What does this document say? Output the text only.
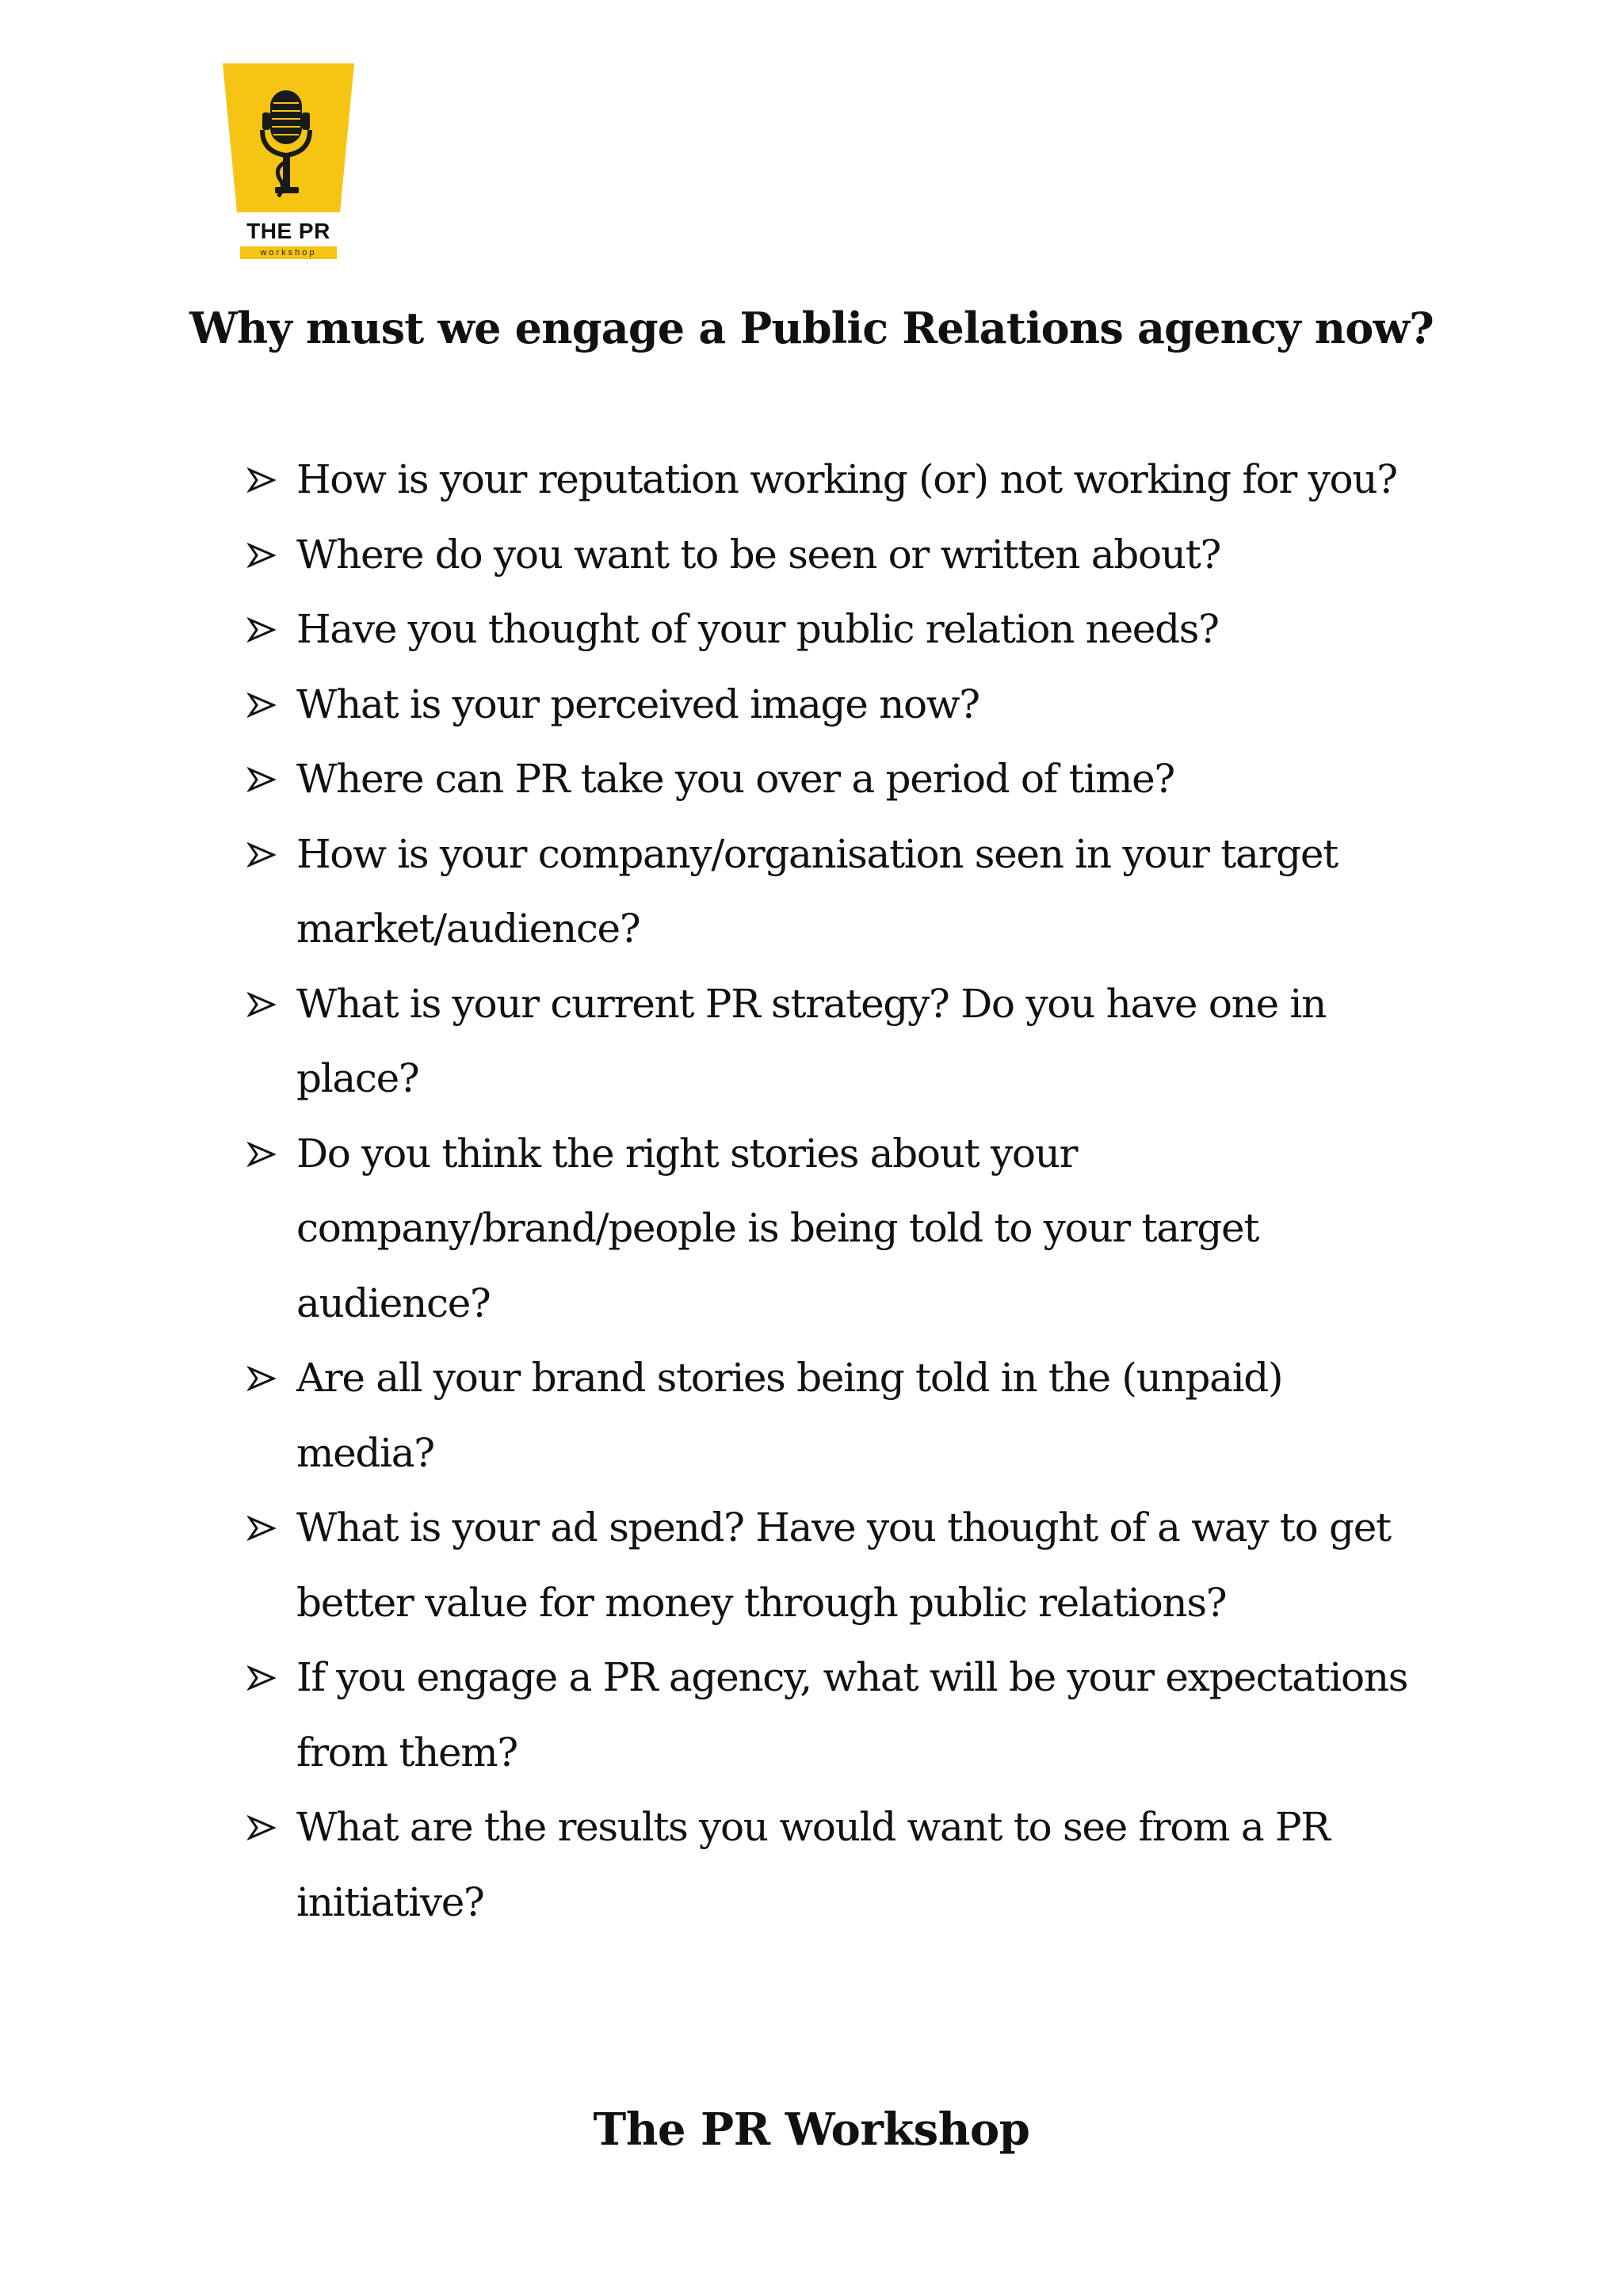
THE PR
workshop
Why must we engage a Public Relations agency now?
How is your reputation working (or) not working for you?
Where do you want to be seen or written about?
Have you thought of your public relation needs?
What is your perceived image now?
Where can PR take you over a period of time?
How is your company/organisation seen in your target
market/audience?
What is your current PR strategy? Do you have one in
place?
Do you think the right stories about your
company/brand/people is being told to your target
audience?
Are all your brand stories being told in the (unpaid)
media?
What is your ad spend? Have you thought of a way to get
better value for money through public relations?
If you engage a PR agency, what will be your expectations
from them?
What are the results you would want to see from a PR
initiative?

The PR Workshop
